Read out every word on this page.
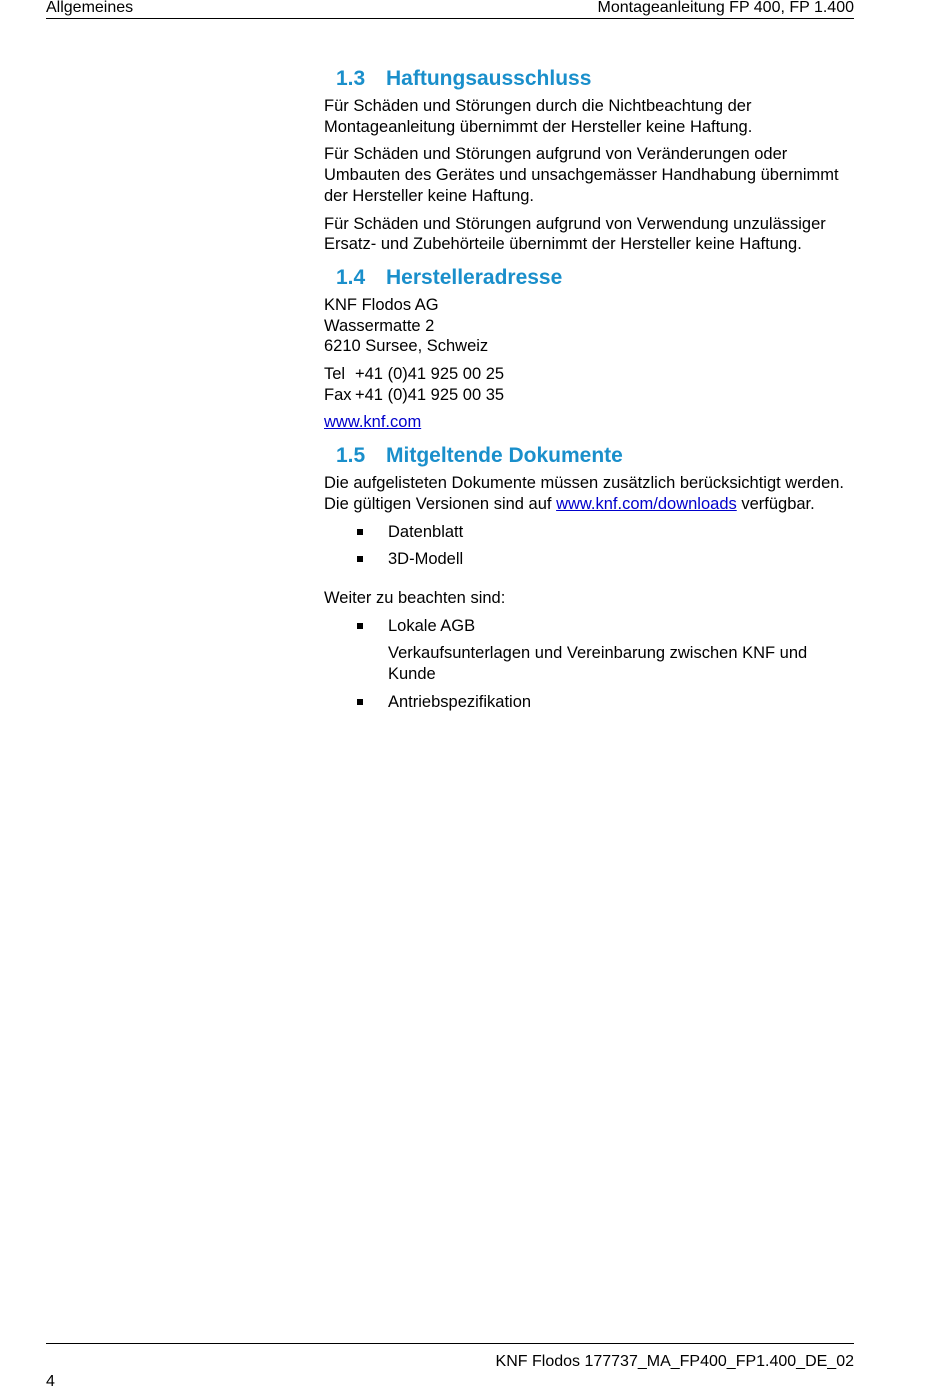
Allgemeines	Montageanleitung FP 400, FP 1.400
1.3 Haftungsausschluss

Für Schäden und Störungen durch die Nichtbeachtung der Montageanleitung übernimmt der Hersteller keine Haftung.

Für Schäden und Störungen aufgrund von Veränderungen oder Umbauten des Gerätes und unsachgemässer Handhabung übernimmt der Hersteller keine Haftung.

Für Schäden und Störungen aufgrund von Verwendung unzulässiger Ersatz- und Zubehörteile übernimmt der Hersteller keine Haftung.

1.4 Herstelleradresse

KNF Flodos AG

Wassermatte 2

6210 Sursee, Schweiz

Tel +41 (0)41 925 00 25

Fax +41 (0)41 925 00 35

www.knf.com

1.5 Mitgeltende Dokumente

Die aufgelisteten Dokumente müssen zusätzlich berücksichtigt werden. Die gültigen Versionen sind auf www.knf.com/downloads verfügbar.

Datenblatt
3D-Modell

Weiter zu beachten sind:

Lokale AGB
Verkaufsunterlagen und Vereinbarung zwischen KNF und Kunde
Antriebspezifikation
KNF Flodos 177737_MA_FP400_FP1.400_DE_02
4
